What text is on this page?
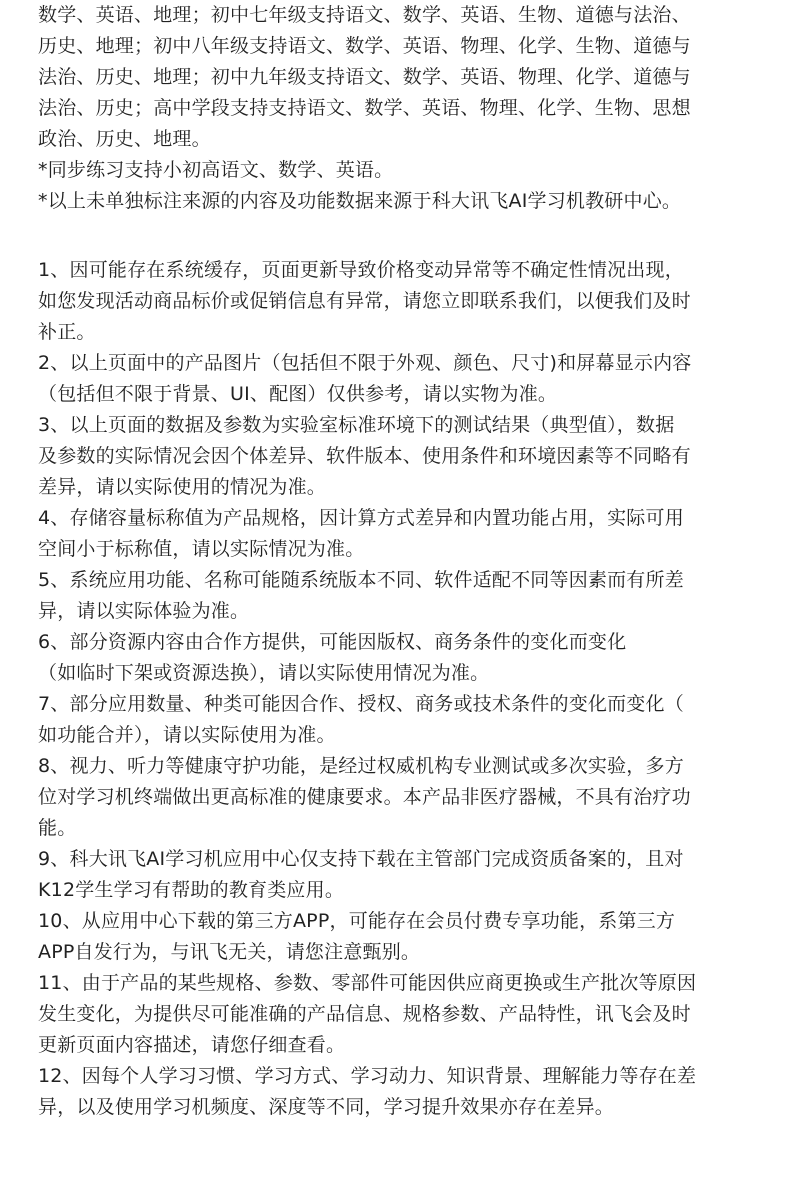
数学、英语、地理；初中七年级支持语文、数学、英语、生物、道德与法治、
历史、地理；初中八年级支持语文、数学、英语、物理、化学、生物、道德与
法治、历史、地理；初中九年级支持语文、数学、英语、物理、化学、道德与
法治、历史；高中学段支持支持语文、数学、英语、物理、化学、生物、思想
政治、历史、地理。
*同步练习支持小初高语文、数学、英语。
*以上未单独标注来源的内容及功能数据来源于科大讯飞AI学习机教研中心。
1、因可能存在系统缓存，页面更新导致价格变动异常等不确定性情况出现，
如您发现活动商品标价或促销信息有异常，请您立即联系我们，以便我们及时
补正。
2、以上页面中的产品图片（包括但不限于外观、颜色、尺寸)和屏幕显示内容
（包括但不限于背景、UI、配图）仅供参考，请以实物为准。
3、以上页面的数据及参数为实验室标准环境下的测试结果（典型值），数据
及参数的实际情况会因个体差异、软件版本、使用条件和环境因素等不同略有
差异，请以实际使用的情况为准。
4、存储容量标称值为产品规格，因计算方式差异和内置功能占用，实际可用
空间小于标称值，请以实际情况为准。
5、系统应用功能、名称可能随系统版本不同、软件适配不同等因素而有所差
异，请以实际体验为准。
6、部分资源内容由合作方提供，可能因版权、商务条件的变化而变化
（如临时下架或资源迭换），请以实际使用情况为准。
7、部分应用数量、种类可能因合作、授权、商务或技术条件的变化而变化（
如功能合并），请以实际使用为准。
8、视力、听力等健康守护功能，是经过权威机构专业测试或多次实验，多方
位对学习机终端做出更高标准的健康要求。本产品非医疗器械，不具有治疗功
能。
9、科大讯飞AI学习机应用中心仅支持下载在主管部门完成资质备案的，且对
K12学生学习有帮助的教育类应用。
10、从应用中心下载的第三方APP，可能存在会员付费专享功能，系第三方
APP自发行为，与讯飞无关，请您注意甄别。
11、由于产品的某些规格、参数、零部件可能因供应商更换或生产批次等原因
发生变化，为提供尽可能准确的产品信息、规格参数、产品特性，讯飞会及时
更新页面内容描述，请您仔细查看。
12、因每个人学习习惯、学习方式、学习动力、知识背景、理解能力等存在差
异，以及使用学习机频度、深度等不同，学习提升效果亦存在差异。
